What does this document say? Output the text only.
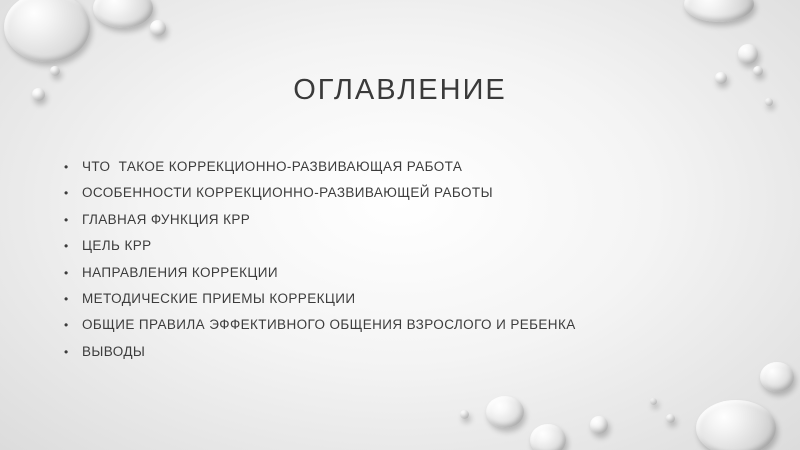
ОГЛАВЛЕНИЕ
• ЧТО  ТАКОЕ КОРРЕКЦИОННО-РАЗВИВАЮЩАЯ РАБОТА
• ОСОБЕННОСТИ КОРРЕКЦИОННО-РАЗВИВАЮЩЕЙ РАБОТЫ
• ГЛАВНАЯ ФУНКЦИЯ КРР
• ЦЕЛЬ КРР
• НАПРАВЛЕНИЯ КОРРЕКЦИИ
• МЕТОДИЧЕСКИЕ ПРИЕМЫ КОРРЕКЦИИ
• ОБЩИЕ ПРАВИЛА ЭФФЕКТИВНОГО ОБЩЕНИЯ ВЗРОСЛОГО И РЕБЕНКА
• ВЫВОДЫ
